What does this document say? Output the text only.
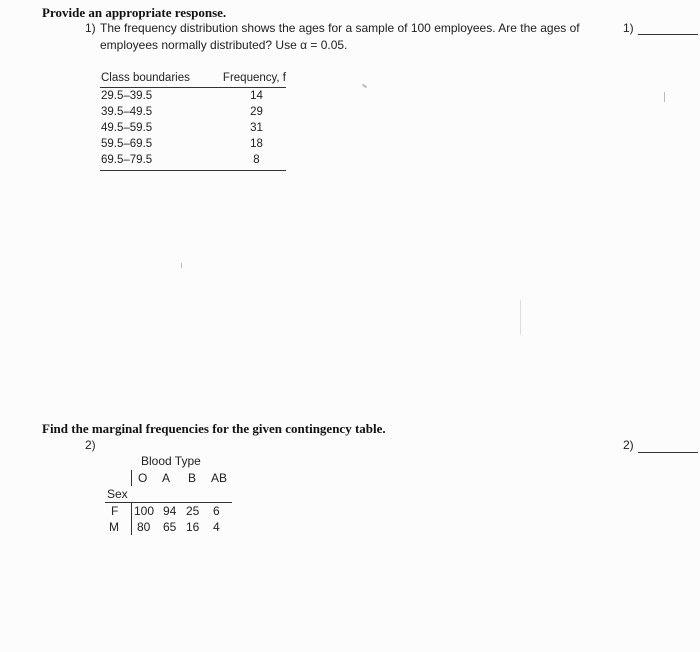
Provide an appropriate response.
1) The frequency distribution shows the ages for a sample of 100 employees. Are the ages of
employees normally distributed? Use α = 0.05.
1)
Class boundaries	Frequency, f
29.5–39.5	14
39.5–49.5	29
49.5–59.5	31
59.5–69.5	18
69.5–79.5	8
Find the marginal frequencies for the given contingency table.
2)	2)
Blood Type
O A B AB
Sex
F 100 94 25 6
M 80 65 16 4
